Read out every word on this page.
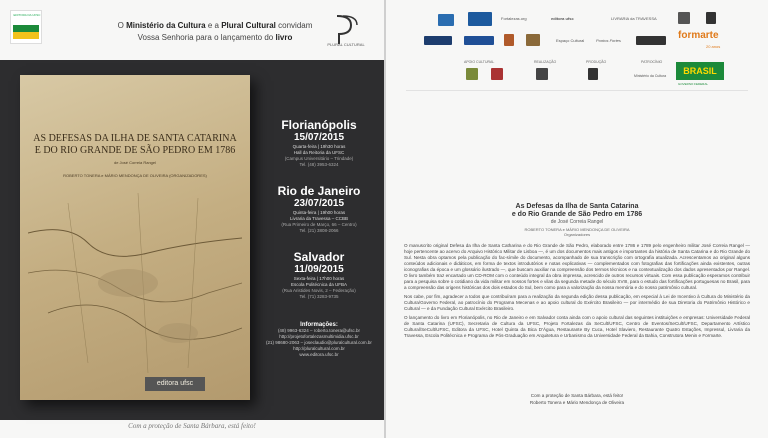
EDITORA DA UFSC
O Ministério da Cultura e a Plural Cultural convidam
Vossa Senhoria para o lançamento do livro
PLURAL CULTURAL
AS DEFESAS DA ILHA DE SANTA CATARINA
E DO RIO GRANDE DE SÃO PEDRO EM 1786
de José Correia Rangel
ROBERTO TONERA e MÁRIO MENDONÇA DE OLIVEIRA (ORGANIZADORES)
editora ufsc
Florianópolis
15/07/2015
Quarta-feira | 19h30 horas
Hall da Reitoria da UFSC
(Campus Universitário – Trindade)
Tel. (48) 3953-6324
Rio de Janeiro
23/07/2015
Quinta-feira | 19h00 horas
Livraria da Travessa – CCBB
(Rua Primeiro de Março, 66 – Centro)
Tel. (21) 3808-2066
Salvador
11/09/2015
Sexta-feira | 17h00 horas
Escola Politécnica da UFBA
(Rua Aristides Novis, 2 – Federação)
Tel. (71) 3283-9735
Informações:
(48) 9963-6324 – roberto.tonera@ufsc.br
http://projetofortalezasmultimidia.ufsc.br
(21) 98680-2063 – joseclaudio@pluralcultural.com.br
http://pluralcultural.com.br
www.editora.ufsc.br
Com a proteção de Santa Bárbara, está feito!
Fortalezas.org	editora ufsc	LIVRARIA da TRAVESSA
Espaço Cultural	Pontos Fortes	formarte
20 anos
APOIO CULTURAL	REALIZAÇÃO	PRODUÇÃO	PATROCÍNIO
Ministério da Cultura	BRASIL
GOVERNO FEDERAL
As Defesas da Ilha de Santa Catarina
e do Rio Grande de São Pedro em 1786
de José Correia Rangel
ROBERTO TONERA e MÁRIO MENDONÇA DE OLIVEIRA
Organizadores

O manuscrito original Defesa da Ilha de Santa Catharina e do Rio Grande de São Pedro, elaborado entre 1786 e 1789 pelo engenheiro militar José Correia Rangel — hoje pertencente ao acervo do Arquivo Histórico Militar de Lisboa —, é um dos documentos mais antigos e importantes da história de Santa Catarina e do Rio Grande do Sul. Nesta obra optamos pela publicação do fac-símile do documento, acompanhado de sua transcrição com ortografia atualizada. Acrescentamos ao original alguns conteúdos adicionais e didáticos, em forma de textos introdutórios e notas explicativas — complementados com fotografias das fortificações ainda existentes, outras iconografias da época e um glossário ilustrado —, que buscam auxiliar na compreensão dos termos técnicos e na contextualização dos dados apresentados por Rangel. O livro também traz encartado um CD-ROM com o conteúdo integral da obra impressa, acrescido de outros recursos virtuais. Com essa publicação esperamos contribuir para a pesquisa sobre o cotidiano da vida militar em nossos fortes e vilas da segunda metade do século XVIII, para o estudo das fortificações portuguesas no Brasil, para a compreensão das origens históricas dos dois estados do Sul, bem como para a valorização da nossa memória e do nosso patrimônio cultural.

Nos cabe, por fim, agradecer a todos que contribuíram para a realização da segunda edição dessa publicação, em especial à Lei de Incentivo à Cultura do Ministério da Cultura/Governo Federal, ao patrocínio do Programa Mecenas e ao apoio cultural do Exército Brasileiro — por intermédio de sua Diretoria do Patrimônio Histórico e Cultural — e da Fundação Cultural Exército Brasileiro.

O lançamento do livro em Florianópolis, no Rio de Janeiro e em Salvador conta ainda com o apoio cultural das seguintes instituições e empresas: Universidade Federal de Santa Catarina (UFSC), Secretaria de Cultura da UFSC, Projeto Fortalezas da SeCult/UFSC, Centro de Eventos/SeCult/UFSC, Departamento Artístico Cultural/SeCult/UFSC, Editora da UFSC, Hotel Quinta da Bica D'Água, Restaurante By Cuca, Hotel Slaviero, Restaurante Quatro Estações, Impressul, Livraria da Travessa, Escola Politécnica e Programa de Pós-Graduação em Arquitetura e Urbanismo da Universidade Federal da Bahia, Construtora Menin e Formarte.

Com a proteção de Santa Bárbara, está feito!
Roberto Tonera e Mário Mendonça de Oliveira
